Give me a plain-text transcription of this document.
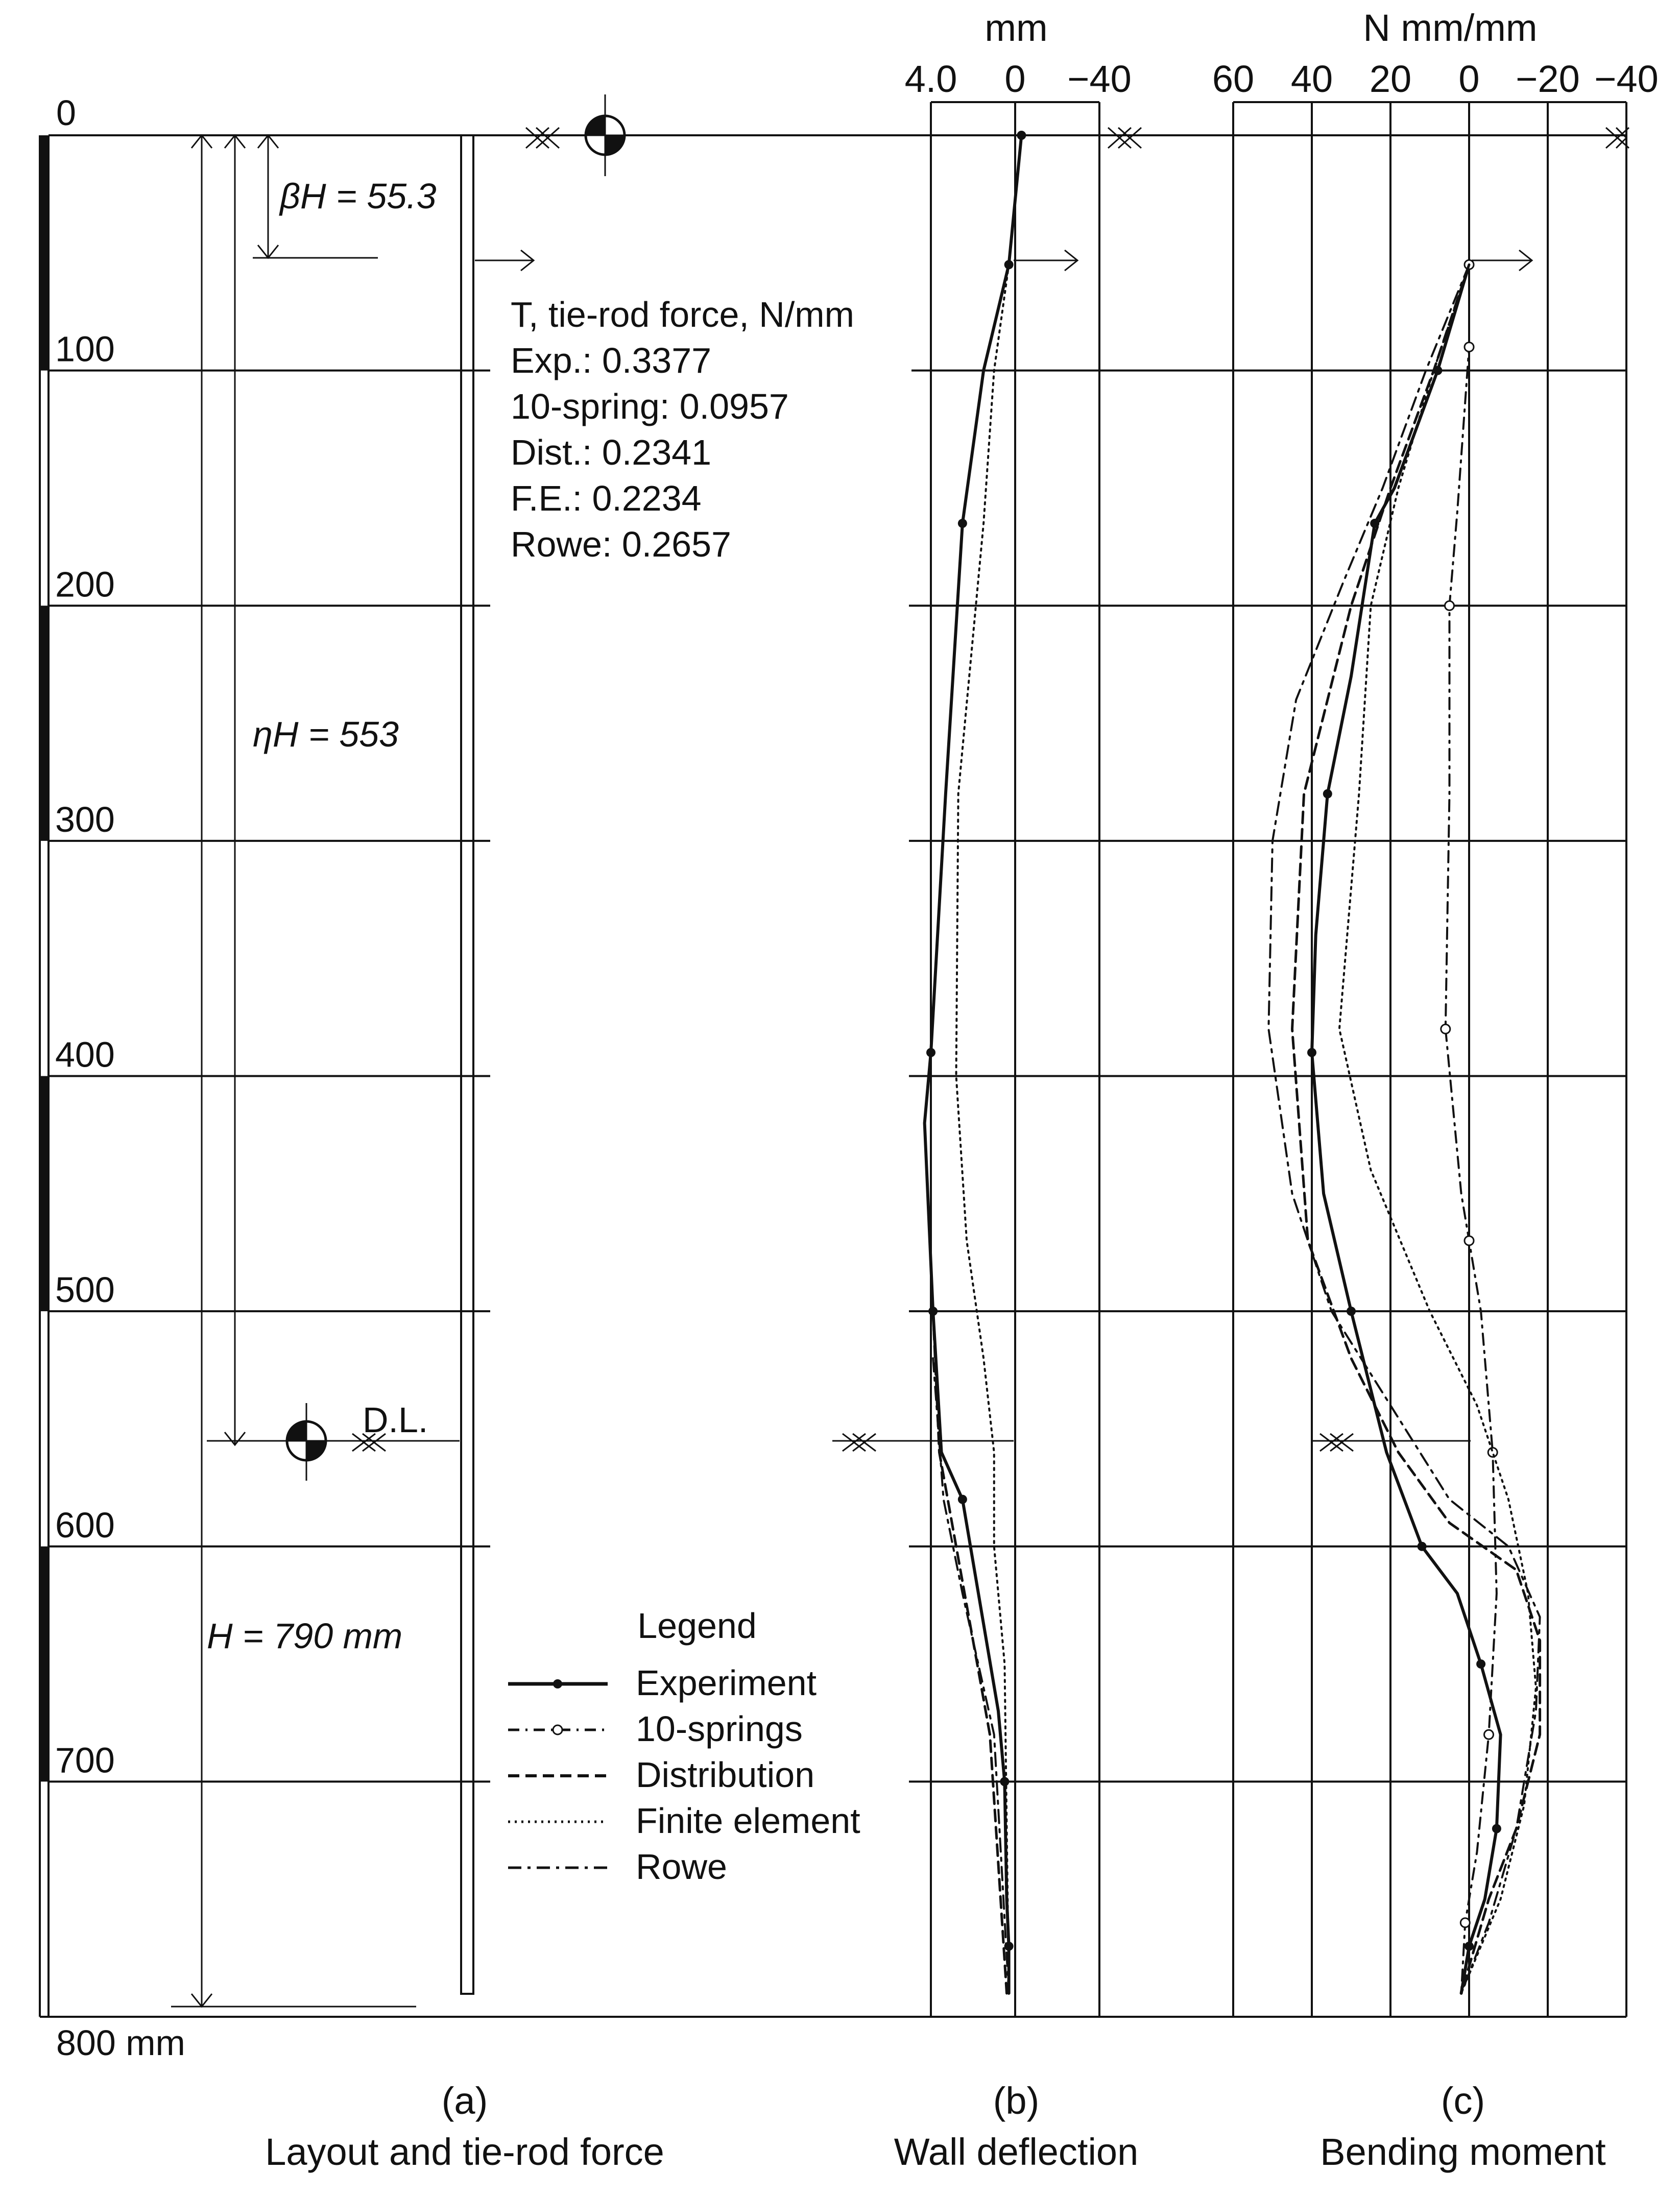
0
100
200
300
400
500
600
700
800 mm
βH = 55.3
ηH = 553
H = 790 mm
D.L.
T, tie-rod force, N/mm
Exp.: 0.3377
10-spring: 0.0957
Dist.: 0.2341
F.E.: 0.2234
Rowe: 0.2657
(a)
Layout and tie-rod force
mm
4.0 0 −40
(b)
Wall deflection
N mm/mm
60 40 20 0 −20 −40
(c)
Bending moment
Legend
Experiment
10-springs
Distribution
Finite element
Rowe
